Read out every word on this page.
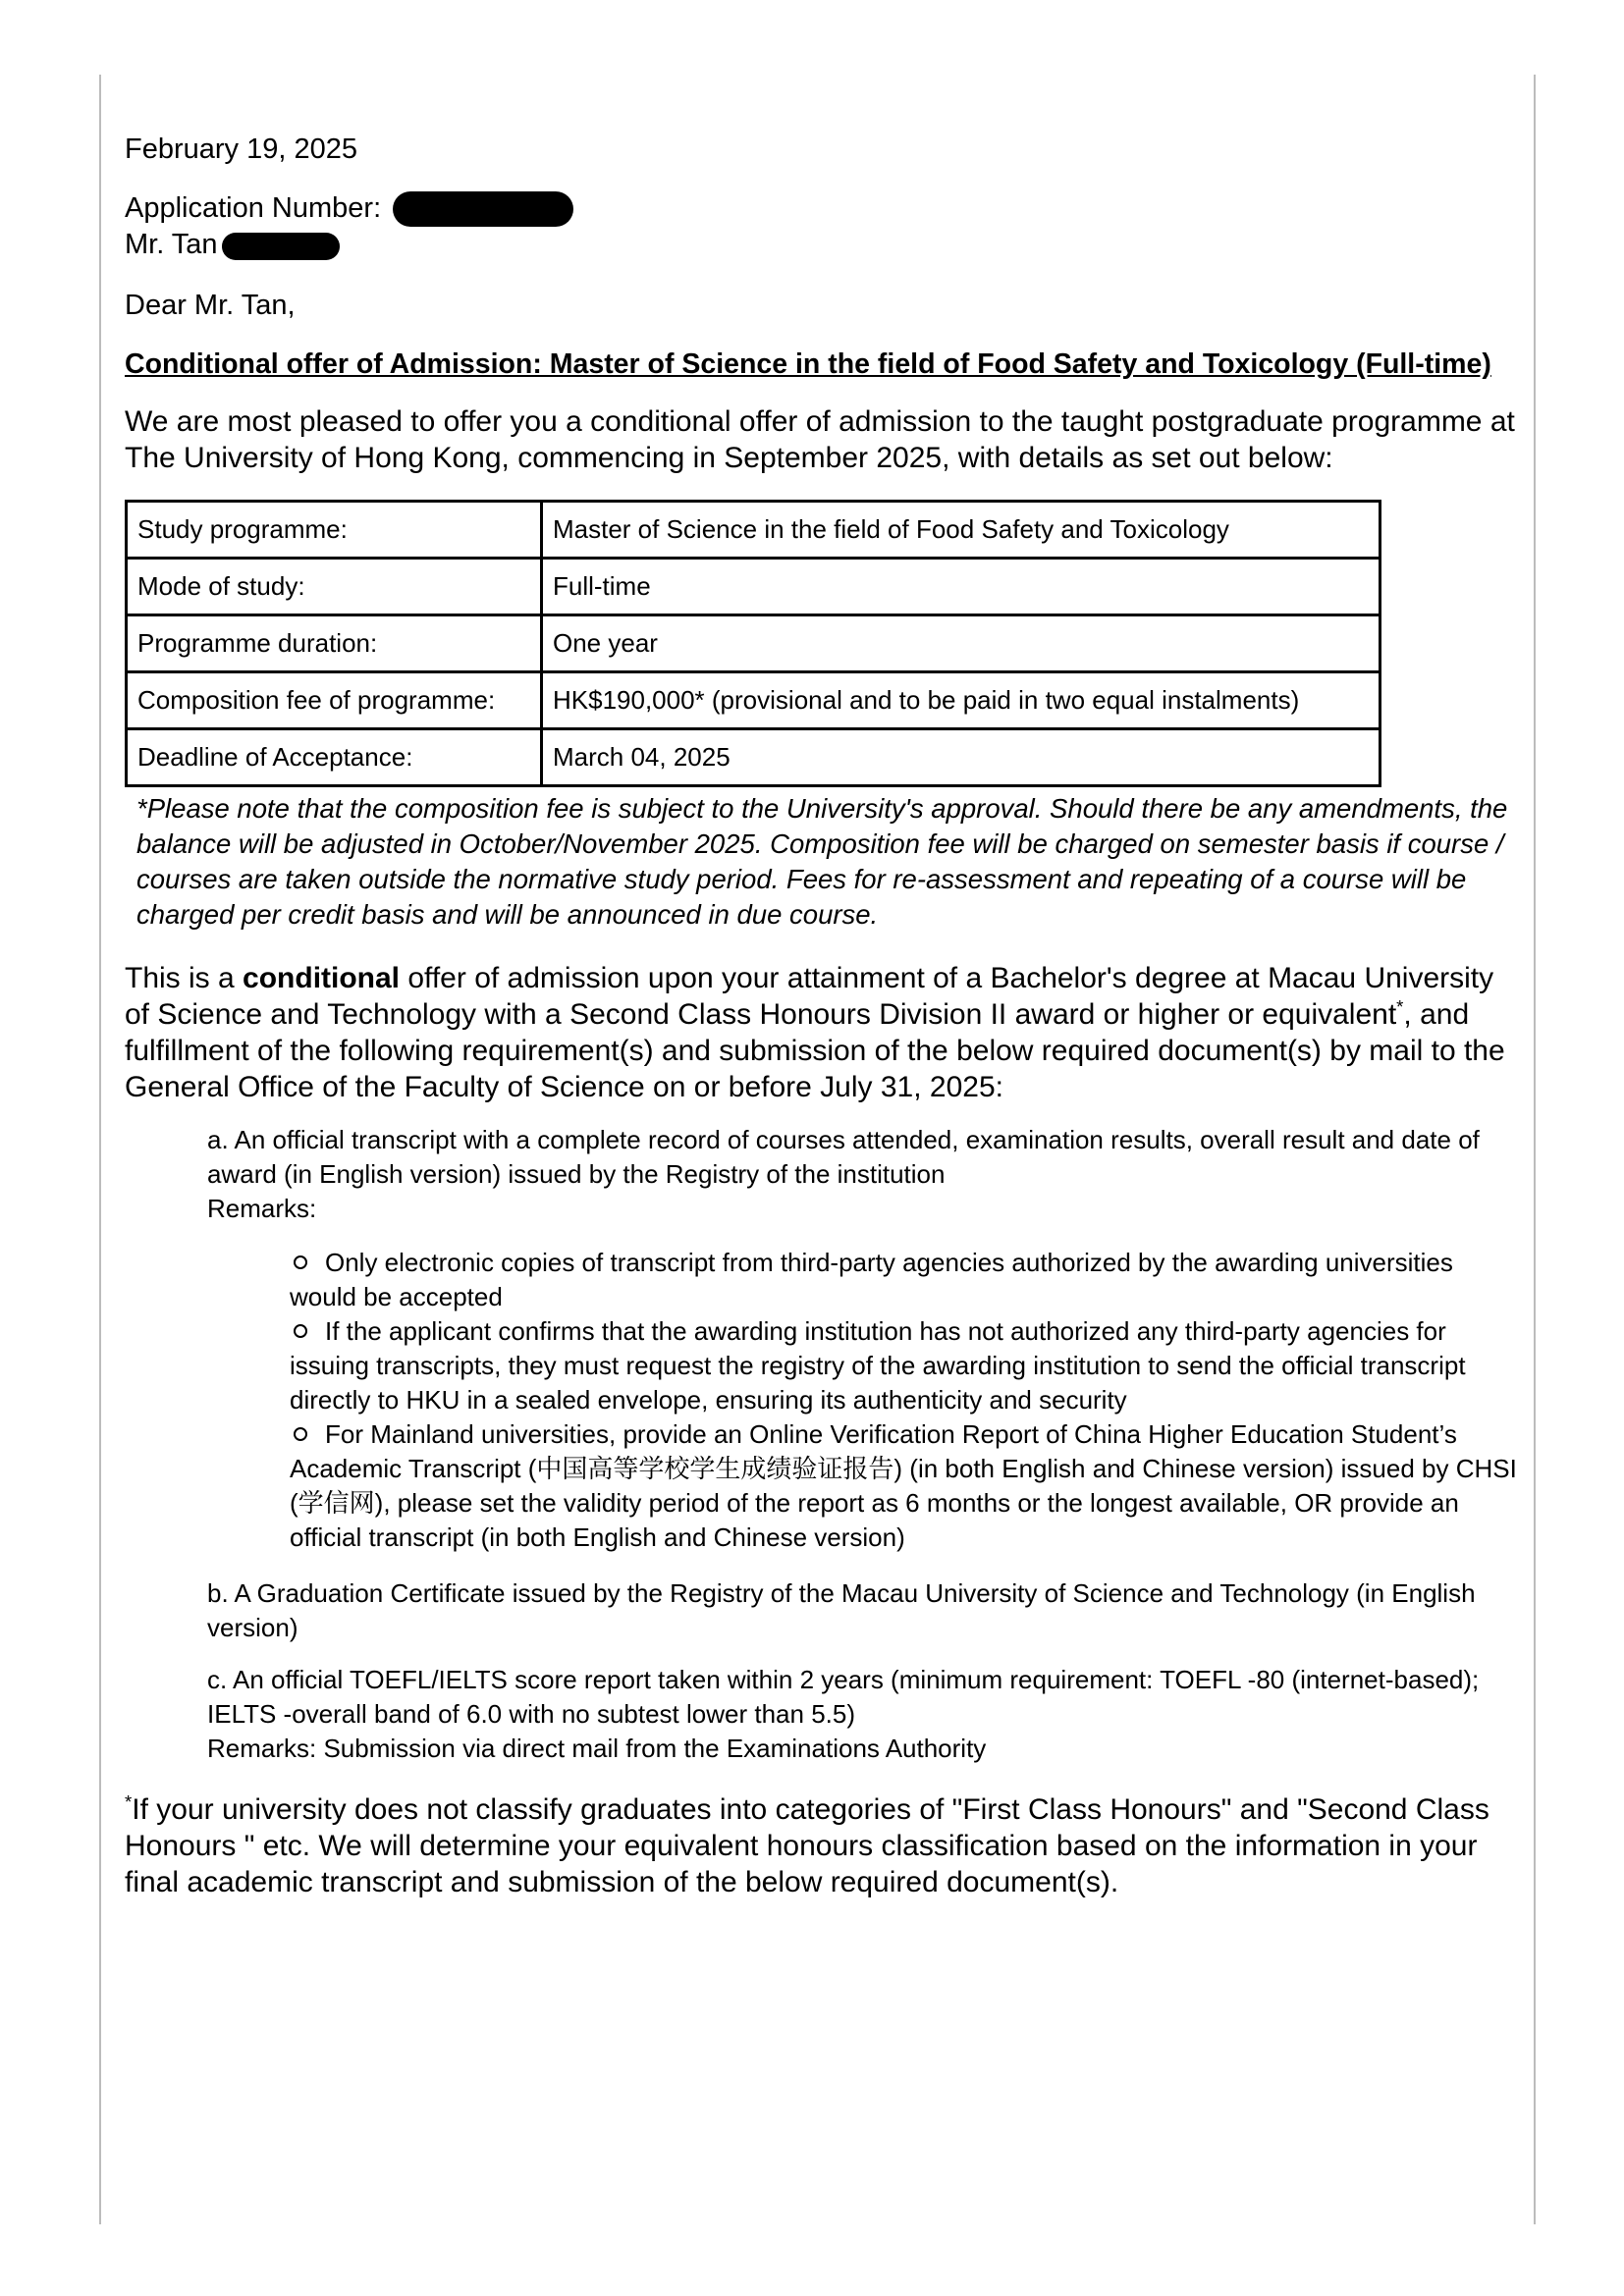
February 19, 2025
Application Number:
Mr. Tan
Dear Mr. Tan,
Conditional offer of Admission: Master of Science in the field of Food Safety and Toxicology (Full-time)
We are most pleased to offer you a conditional offer of admission to the taught postgraduate programme at The University of Hong Kong, commencing in September 2025, with details as set out below:
Study programme:	Master of Science in the field of Food Safety and Toxicology
Mode of study:	Full-time
Programme duration:	One year
Composition fee of programme:	HK$190,000* (provisional and to be paid in two equal instalments)
Deadline of Acceptance:	March 04, 2025
*Please note that the composition fee is subject to the University's approval. Should there be any amendments, the balance will be adjusted in October/November 2025. Composition fee will be charged on semester basis if course / courses are taken outside the normative study period. Fees for re-assessment and repeating of a course will be charged per credit basis and will be announced in due course.
This is a conditional offer of admission upon your attainment of a Bachelor's degree at Macau University of Science and Technology with a Second Class Honours Division II award or higher or equivalent*, and fulfillment of the following requirement(s) and submission of the below required document(s) by mail to the General Office of the Faculty of Science on or before July 31, 2025:
a. An official transcript with a complete record of courses attended, examination results, overall result and date of award (in English version) issued by the Registry of the institution
Remarks:
Only electronic copies of transcript from third-party agencies authorized by the awarding universities would be accepted
If the applicant confirms that the awarding institution has not authorized any third-party agencies for issuing transcripts, they must request the registry of the awarding institution to send the official transcript directly to HKU in a sealed envelope, ensuring its authenticity and security
For Mainland universities, provide an Online Verification Report of China Higher Education Student’s Academic Transcript (中国高等学校学生成绩验证报告) (in both English and Chinese version) issued by CHSI (学信网), please set the validity period of the report as 6 months or the longest available, OR provide an official transcript (in both English and Chinese version)
b. A Graduation Certificate issued by the Registry of the Macau University of Science and Technology (in English version)
c. An official TOEFL/IELTS score report taken within 2 years (minimum requirement: TOEFL -80 (internet-based); IELTS -overall band of 6.0 with no subtest lower than 5.5)
Remarks: Submission via direct mail from the Examinations Authority
*If your university does not classify graduates into categories of "First Class Honours" and "Second Class Honours " etc. We will determine your equivalent honours classification based on the information in your final academic transcript and submission of the below required document(s).
